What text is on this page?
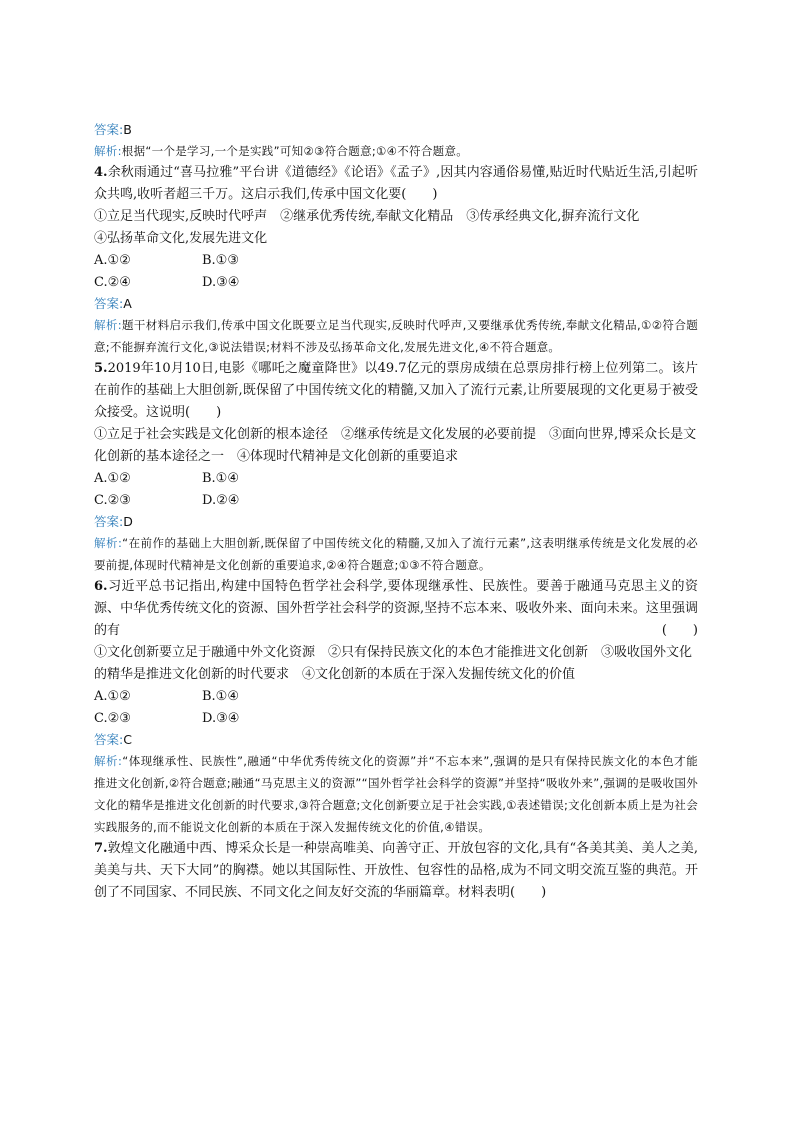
答案:B

解析:根据“一个是学习,一个是实践”可知②③符合题意;①④不符合题意。

4.余秋雨通过“喜马拉雅”平台讲《道德经》《论语》《孟子》,因其内容通俗易懂,贴近时代贴近生活,引起听众共鸣,收听者超三千万。这启示我们,传承中国文化要(　　)

①立足当代现实,反映时代呼声　②继承优秀传统,奉献文化精品　③传承经典文化,摒弃流行文化

④弘扬革命文化,发展先进文化

A.①②	B.①③
C.②④	D.③④

答案:A

解析:题干材料启示我们,传承中国文化既要立足当代现实,反映时代呼声,又要继承优秀传统,奉献文化精品,①②符合题意;不能摒弃流行文化,③说法错误;材料不涉及弘扬革命文化,发展先进文化,④不符合题意。

5.2019年10月10日,电影《哪吒之魔童降世》以49.7亿元的票房成绩在总票房排行榜上位列第二。该片在前作的基础上大胆创新,既保留了中国传统文化的精髓,又加入了流行元素,让所要展现的文化更易于被受众接受。这说明(　　)

①立足于社会实践是文化创新的根本途径　②继承传统是文化发展的必要前提　③面向世界,博采众长是文化创新的基本途径之一　④体现时代精神是文化创新的重要追求

A.①②	B.①④
C.②③	D.②④

答案:D

解析:“在前作的基础上大胆创新,既保留了中国传统文化的精髓,又加入了流行元素”,这表明继承传统是文化发展的必要前提,体现时代精神是文化创新的重要追求,②④符合题意;①③不符合题意。

6.习近平总书记指出,构建中国特色哲学社会科学,要体现继承性、民族性。要善于融通马克思主义的资源、中华优秀传统文化的资源、国外哲学社会科学的资源,坚持不忘本来、吸收外来、面向未来。这里强调的有	(　　)

①文化创新要立足于融通中外文化资源　②只有保持民族文化的本色才能推进文化创新　③吸收国外文化的精华是推进文化创新的时代要求　④文化创新的本质在于深入发掘传统文化的价值

A.①②	B.①④
C.②③	D.③④

答案:C

解析:“体现继承性、民族性”,融通“中华优秀传统文化的资源”并“不忘本来”,强调的是只有保持民族文化的本色才能推进文化创新,②符合题意;融通“马克思主义的资源”“国外哲学社会科学的资源”并坚持“吸收外来”,强调的是吸收国外文化的精华是推进文化创新的时代要求,③符合题意;文化创新要立足于社会实践,①表述错误;文化创新本质上是为社会实践服务的,而不能说文化创新的本质在于深入发掘传统文化的价值,④错误。

7.敦煌文化融通中西、博采众长是一种崇高唯美、向善守正、开放包容的文化,具有“各美其美、美人之美,美美与共、天下大同”的胸襟。她以其国际性、开放性、包容性的品格,成为不同文明交流互鉴的典范。开创了不同国家、不同民族、不同文化之间友好交流的华丽篇章。材料表明(　　)
